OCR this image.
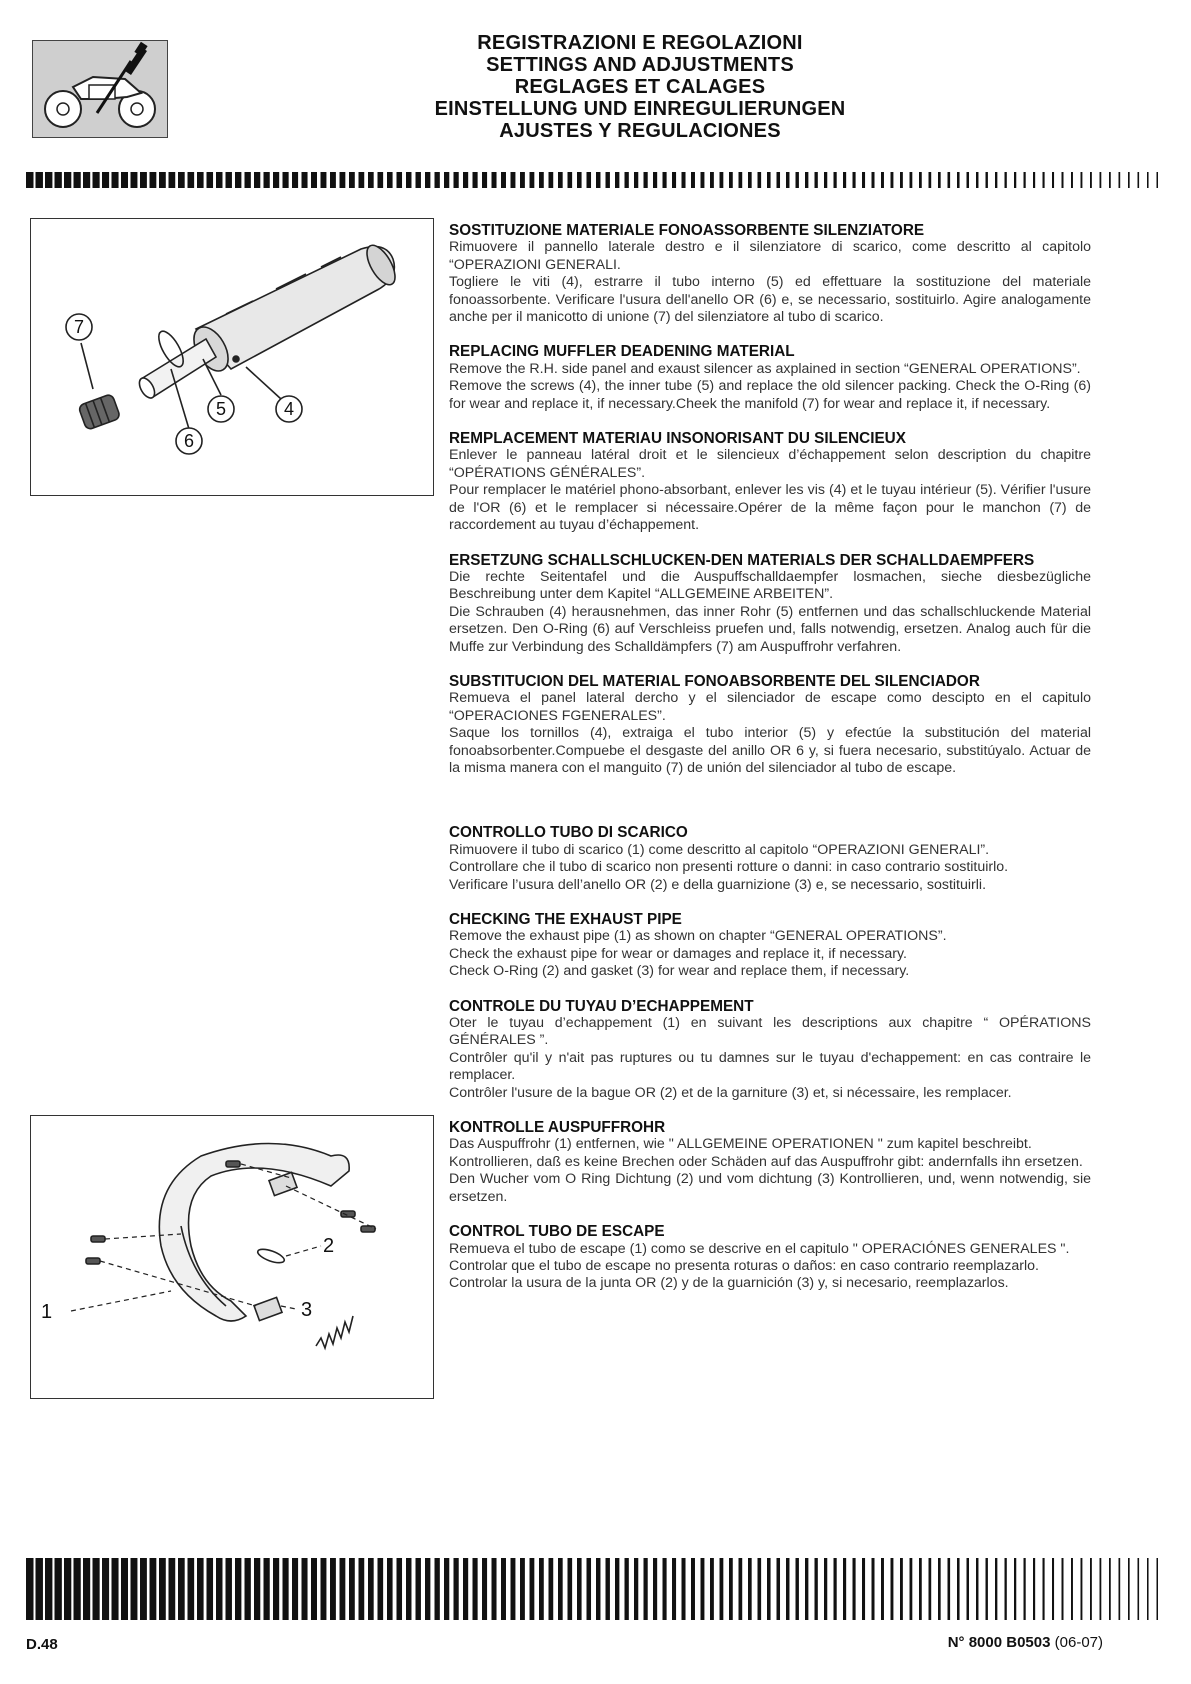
REGISTRAZIONI E REGOLAZIONI
SETTINGS AND ADJUSTMENTS
REGLAGES ET CALAGES
EINSTELLUNG UND EINREGULIERUNGEN
AJUSTES Y REGULACIONES
7
5	4
6
2
3
1
SOSTITUZIONE MATERIALE FONOASSORBENTE SILENZIATORE

Rimuovere il pannello laterale destro e il silenziatore di scarico, come descritto al capitolo “OPERAZIONI GENERALI.

Togliere le viti (4), estrarre il tubo interno (5) ed effettuare la sostituzione del materiale fonoassorbente. Verificare l'usura dell'anello OR (6) e, se necessario, sostituirlo. Agire analogamente anche per il manicotto di unione (7) del silenziatore al tubo di scarico.

REPLACING MUFFLER DEADENING MATERIAL

Remove the R.H. side panel and exaust silencer as axplained in section “GENERAL OPERATIONS”.

Remove the screws (4), the inner tube (5) and replace the old silencer packing. Check the O-Ring (6) for wear and replace it, if necessary.Cheek the manifold (7) for wear and replace it, if necessary.

REMPLACEMENT MATERIAU INSONORISANT DU SILENCIEUX

Enlever le panneau latéral droit et le silencieux d’échappement selon description du chapitre “OPÉRATIONS GÉNÉRALES”.

Pour remplacer le matériel phono-absorbant, enlever les vis (4) et le tuyau intérieur (5). Vérifier l'usure de l'OR (6) et le remplacer si nécessaire.Opérer de la même façon pour le manchon (7) de raccordement au tuyau d’échappement.

ERSETZUNG SCHALLSCHLUCKEN-DEN MATERIALS DER SCHALLDAEMPFERS

Die rechte Seitentafel und die Auspuffschalldaempfer losmachen, sieche diesbezügliche Beschreibung unter dem Kapitel “ALLGEMEINE ARBEITEN”.

Die Schrauben (4) herausnehmen, das inner Rohr (5) entfernen und das schallschluckende Material ersetzen. Den O-Ring (6) auf Verschleiss pruefen und, falls notwendig, ersetzen. Analog auch für die Muffe zur Verbindung des Schalldämpfers (7) am Auspuffrohr verfahren.

SUBSTITUCION DEL MATERIAL FONOABSORBENTE DEL SILENCIADOR

Remueva el panel lateral dercho y el silenciador de escape como descipto en el capitulo “OPERACIONES FGENERALES”.

Saque los tornillos (4), extraiga el tubo interior (5) y efectúe la substitución del material fonoabsorbenter.Compuebe el desgaste del anillo OR 6 y, si fuera necesario, substitúyalo. Actuar de la misma manera con el manguito (7) de unión del silenciador al tubo de escape.

CONTROLLO TUBO DI SCARICO

Rimuovere il tubo di scarico (1) come descritto al capitolo “OPERAZIONI GENERALI”.

Controllare che il tubo di scarico non presenti rotture o danni: in caso contrario sostituirlo.

Verificare l’usura dell’anello OR (2) e della guarnizione (3) e, se necessario, sostituirli.

CHECKING THE EXHAUST PIPE

Remove the exhaust pipe (1) as shown on chapter “GENERAL OPERATIONS”.

Check the exhaust pipe for wear or damages and replace it, if necessary.

Check O-Ring (2) and gasket (3) for wear and replace them, if necessary.

CONTROLE DU TUYAU D’ECHAPPEMENT

Oter le tuyau d’echappement (1) en suivant les descriptions aux chapitre “ OPÉRATIONS GÉNÉRALES ”.

Contrôler qu'il y n'ait pas ruptures ou tu damnes sur le tuyau d'echappement: en cas contraire le remplacer.

Contrôler l'usure de la bague OR (2) et de la garniture (3) et, si nécessaire, les remplacer.

KONTROLLE AUSPUFFROHR

Das Auspuffrohr (1) entfernen, wie " ALLGEMEINE OPERATIONEN " zum kapitel beschreibt.

Kontrollieren, daß es keine Brechen oder Schäden auf das Auspuffrohr gibt: andernfalls ihn ersetzen.

Den Wucher vom O Ring Dichtung (2) und vom dichtung (3) Kontrollieren, und, wenn notwendig, sie ersetzen.

CONTROL TUBO DE ESCAPE

Remueva el tubo de escape (1) como se descrive en el capitulo " OPERACIÓNES GENERALES ".

Controlar que el tubo de escape no presenta roturas o daños: en caso contrario reemplazarlo.

Controlar la usura de la junta OR (2) y de la guarnición (3) y, si necesario, reemplazarlos.

D.48	N° 8000 B0503 (06-07)
